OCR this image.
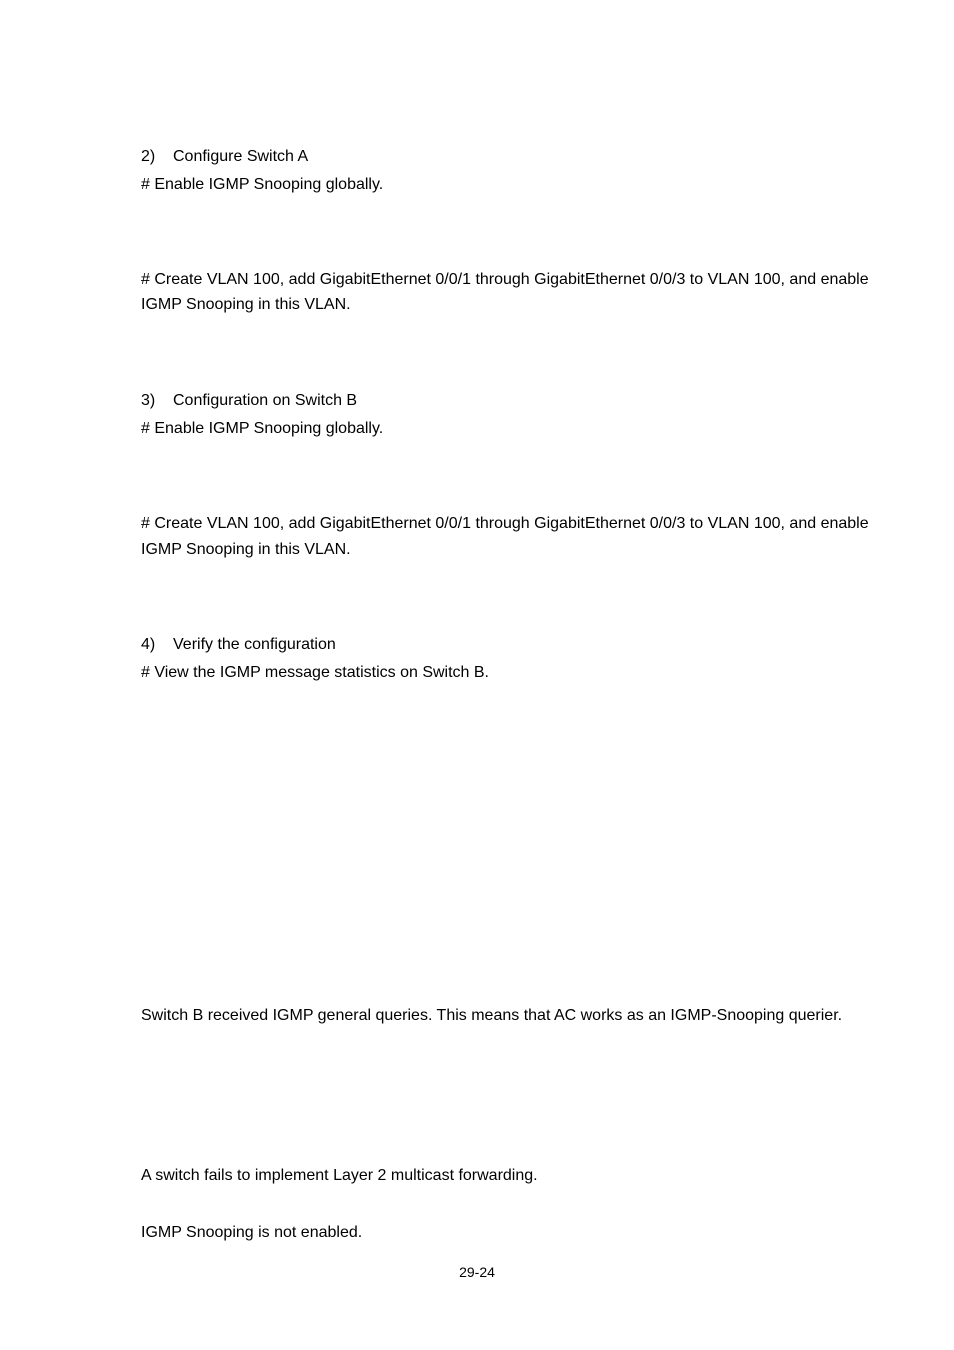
2) Configure Switch A
# Enable IGMP Snooping globally.
# Create VLAN 100, add GigabitEthernet 0/0/1 through GigabitEthernet 0/0/3 to VLAN 100, and enable
IGMP Snooping in this VLAN.
3) Configuration on Switch B
# Enable IGMP Snooping globally.
# Create VLAN 100, add GigabitEthernet 0/0/1 through GigabitEthernet 0/0/3 to VLAN 100, and enable
IGMP Snooping in this VLAN.
4) Verify the configuration
# View the IGMP message statistics on Switch B.
Switch B received IGMP general queries. This means that AC works as an IGMP-Snooping querier.
A switch fails to implement Layer 2 multicast forwarding.
IGMP Snooping is not enabled.
29-24
